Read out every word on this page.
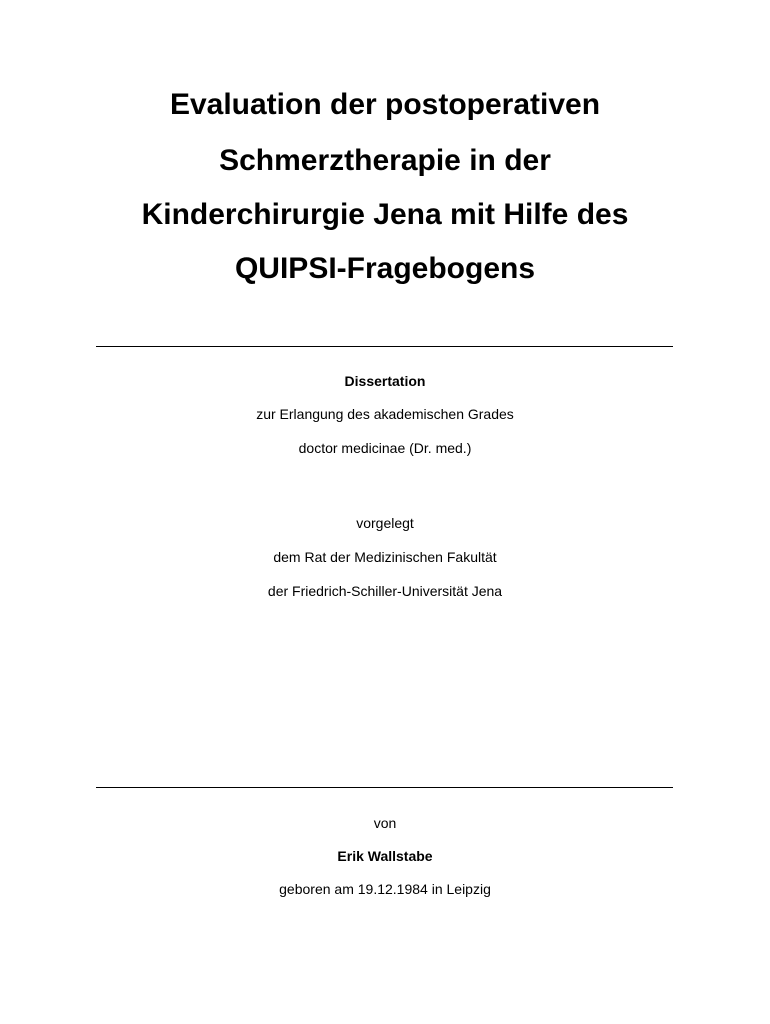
Evaluation der postoperativen
Schmerztherapie in der
Kinderchirurgie Jena mit Hilfe des
QUIPSI-Fragebogens
Dissertation
zur Erlangung des akademischen Grades
doctor medicinae (Dr. med.)
vorgelegt
dem Rat der Medizinischen Fakultät
der Friedrich-Schiller-Universität Jena
von
Erik Wallstabe
geboren am 19.12.1984 in Leipzig
